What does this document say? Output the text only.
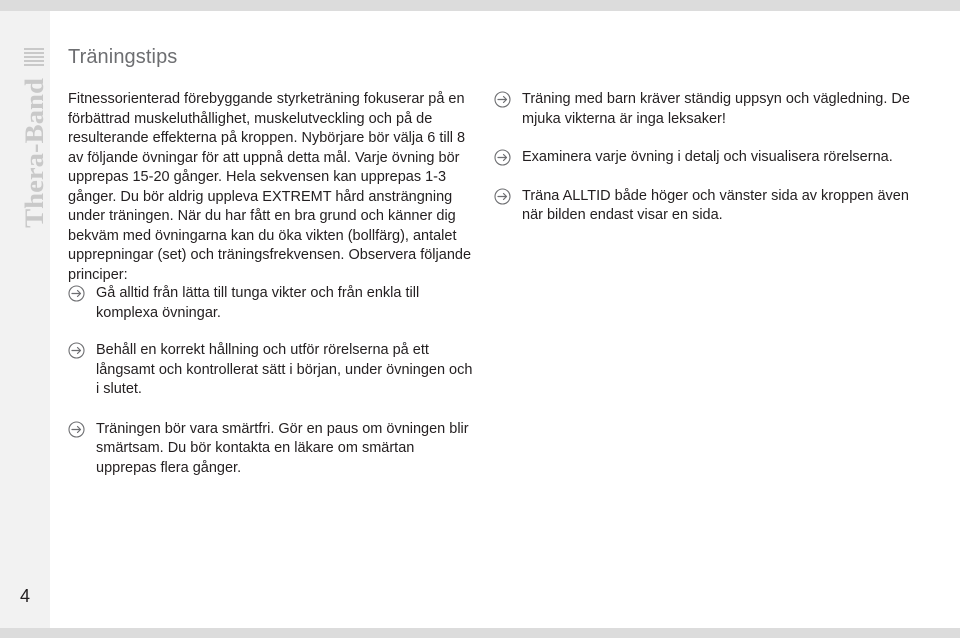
Thera-Band
4
Träningstips

Fitnessorienterad förebyggande styrketräning fokuserar på en förbättrad muskeluthållighet, muskelutveckling och på de resulterande effekterna på kroppen. Nybörjare bör välja 6 till 8 av följande övningar för att uppnå detta mål. Varje övning bör upprepas 15-20 gånger. Hela sekvensen kan upprepas 1-3 gånger. Du bör aldrig uppleva EXTREMT hård ansträngning under träningen. När du har fått en bra grund och känner dig bekväm med övningarna kan du öka vikten (bollfärg), antalet upprepningar (set) och träningsfrekvensen. Observera följande principer:

Gå alltid från lätta till tunga vikter och från enkla till komplexa övningar.
Behåll en korrekt hållning och utför rörelserna på ett långsamt och kontrollerat sätt i början, under övningen och i slutet.
Träningen bör vara smärtfri. Gör en paus om övningen blir smärtsam. Du bör kontakta en läkare om smärtan upprepas flera gånger.
Träning med barn kräver ständig uppsyn och vägledning. De mjuka vikterna är inga leksaker!
Examinera varje övning i detalj och visualisera rörelserna.
Träna ALLTID både höger och vänster sida av kroppen även när bilden endast visar en sida.
